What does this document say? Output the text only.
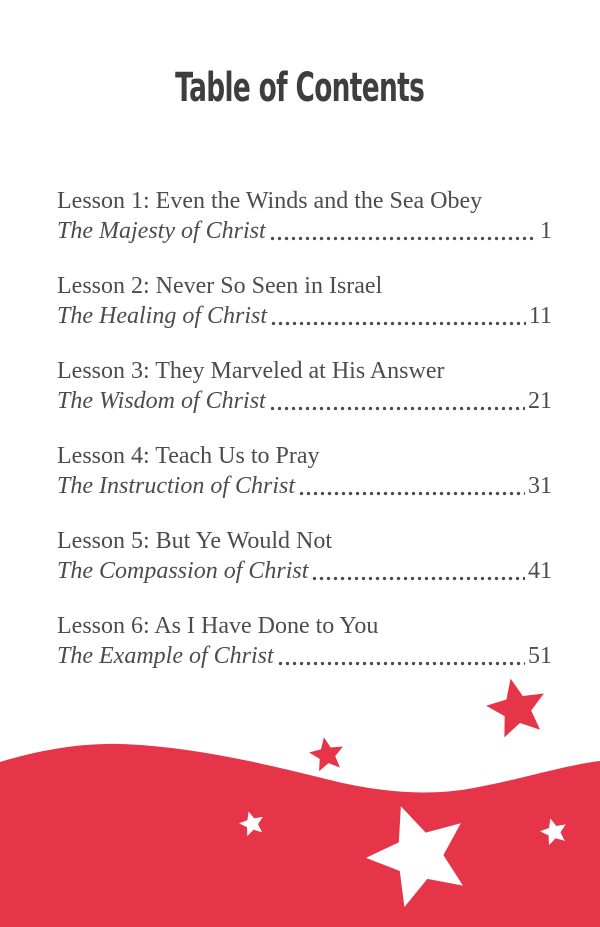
Table of Contents
Lesson 1: Even the Winds and the Sea Obey
The Majesty of Christ	1
Lesson 2: Never So Seen in Israel
The Healing of Christ	11
Lesson 3: They Marveled at His Answer
The Wisdom of Christ	21
Lesson 4: Teach Us to Pray
The Instruction of Christ	31
Lesson 5: But Ye Would Not
The Compassion of Christ	41
Lesson 6: As I Have Done to You
The Example of Christ	51
